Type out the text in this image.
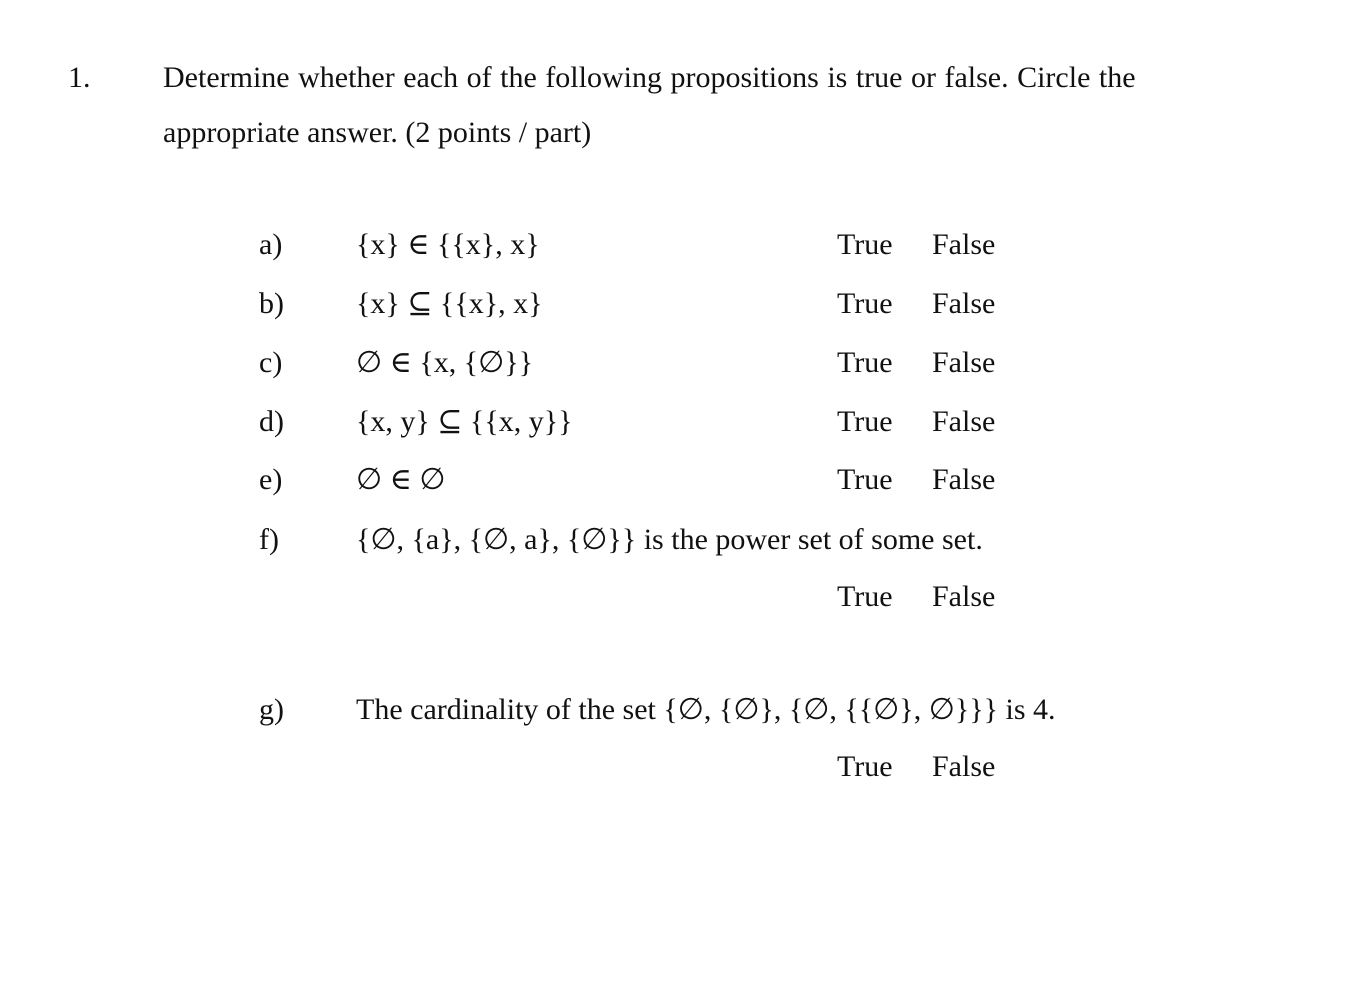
1. Determine whether each of the following propositions is true or false. Circle the
appropriate answer. (2 points / part)
a) {x} ∈ {{x}, x}	True False
b) {x} ⊆ {{x}, x}	True False
c) ∅ ∈ {x, {∅}}	True False
d) {x, y} ⊆ {{x, y}}	True False
e) ∅ ∈ ∅	True False
f)	{∅, {a}, {∅, a}, {∅}} is the power set of some set.
True False
g) The cardinality of the set {∅, {∅}, {∅, {{∅}, ∅}}} is 4.
True False
